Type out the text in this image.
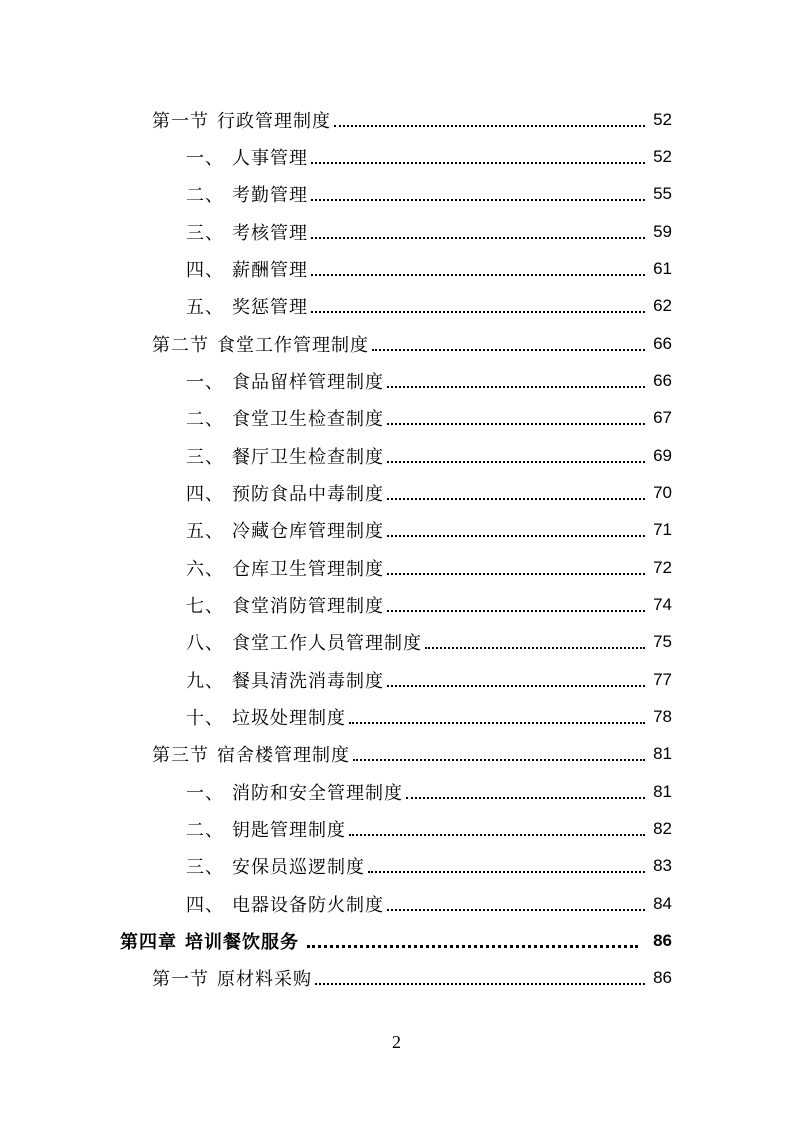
第一节 行政管理制度	52
一、 人事管理	52
二、 考勤管理	55
三、 考核管理	59
四、 薪酬管理	61
五、 奖惩管理	62
第二节 食堂工作管理制度	66
一、 食品留样管理制度	66
二、 食堂卫生检查制度	67
三、 餐厅卫生检查制度	69
四、 预防食品中毒制度	70
五、 冷藏仓库管理制度	71
六、 仓库卫生管理制度	72
七、 食堂消防管理制度	74
八、 食堂工作人员管理制度	75
九、 餐具清洗消毒制度	77
十、 垃圾处理制度	78
第三节 宿舍楼管理制度	81
一、 消防和安全管理制度	81
二、 钥匙管理制度	82
三、 安保员巡逻制度	83
四、 电器设备防火制度	84
第四章 培训餐饮服务	86
第一节 原材料采购	86
2
